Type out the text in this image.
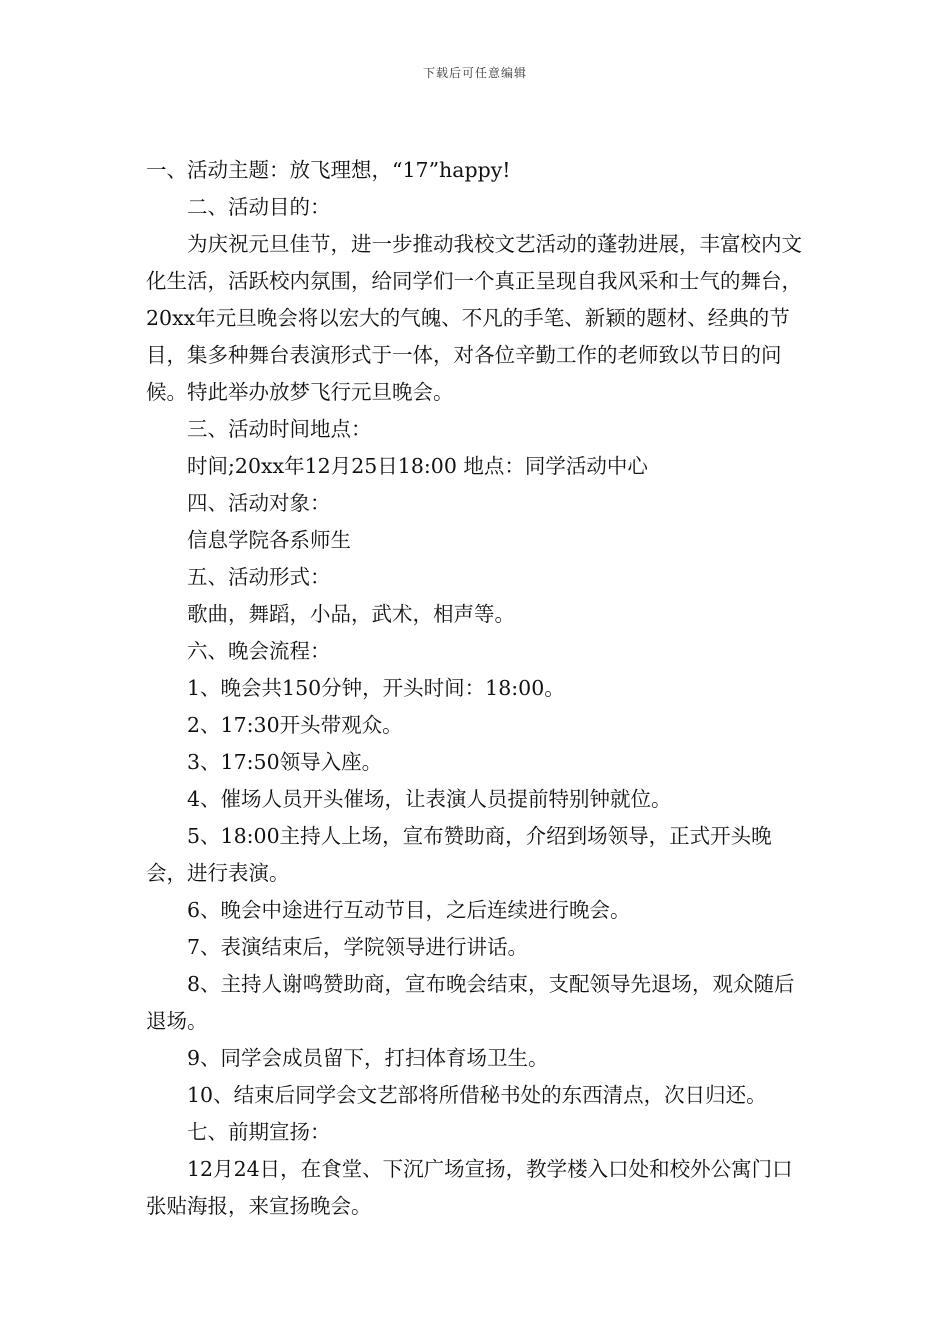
下载后可任意编辑

一、活动主题：放飞理想，“17”happy!

二、活动目的：

为庆祝元旦佳节，进一步推动我校文艺活动的蓬勃进展，丰富校内文化生活，活跃校内氛围，给同学们一个真正呈现自我风采和士气的舞台，20xx年元旦晚会将以宏大的气魄、不凡的手笔、新颖的题材、经典的节目，集多种舞台表演形式于一体，对各位辛勤工作的老师致以节日的问候。特此举办放梦飞行元旦晚会。

三、活动时间地点：

时间;20xx年12月25日18:00 地点：同学活动中心

四、活动对象：

信息学院各系师生

五、活动形式：

歌曲，舞蹈，小品，武术，相声等。

六、晚会流程：

1、晚会共150分钟，开头时间：18:00。

2、17:30开头带观众。

3、17:50领导入座。

4、催场人员开头催场，让表演人员提前特别钟就位。

5、18:00主持人上场，宣布赞助商，介绍到场领导，正式开头晚会，进行表演。

6、晚会中途进行互动节目，之后连续进行晚会。

7、表演结束后，学院领导进行讲话。

8、主持人谢鸣赞助商，宣布晚会结束，支配领导先退场，观众随后退场。

9、同学会成员留下，打扫体育场卫生。

10、结束后同学会文艺部将所借秘书处的东西清点，次日归还。

七、前期宣扬：

12月24日，在食堂、下沉广场宣扬，教学楼入口处和校外公寓门口张贴海报，来宣扬晚会。
